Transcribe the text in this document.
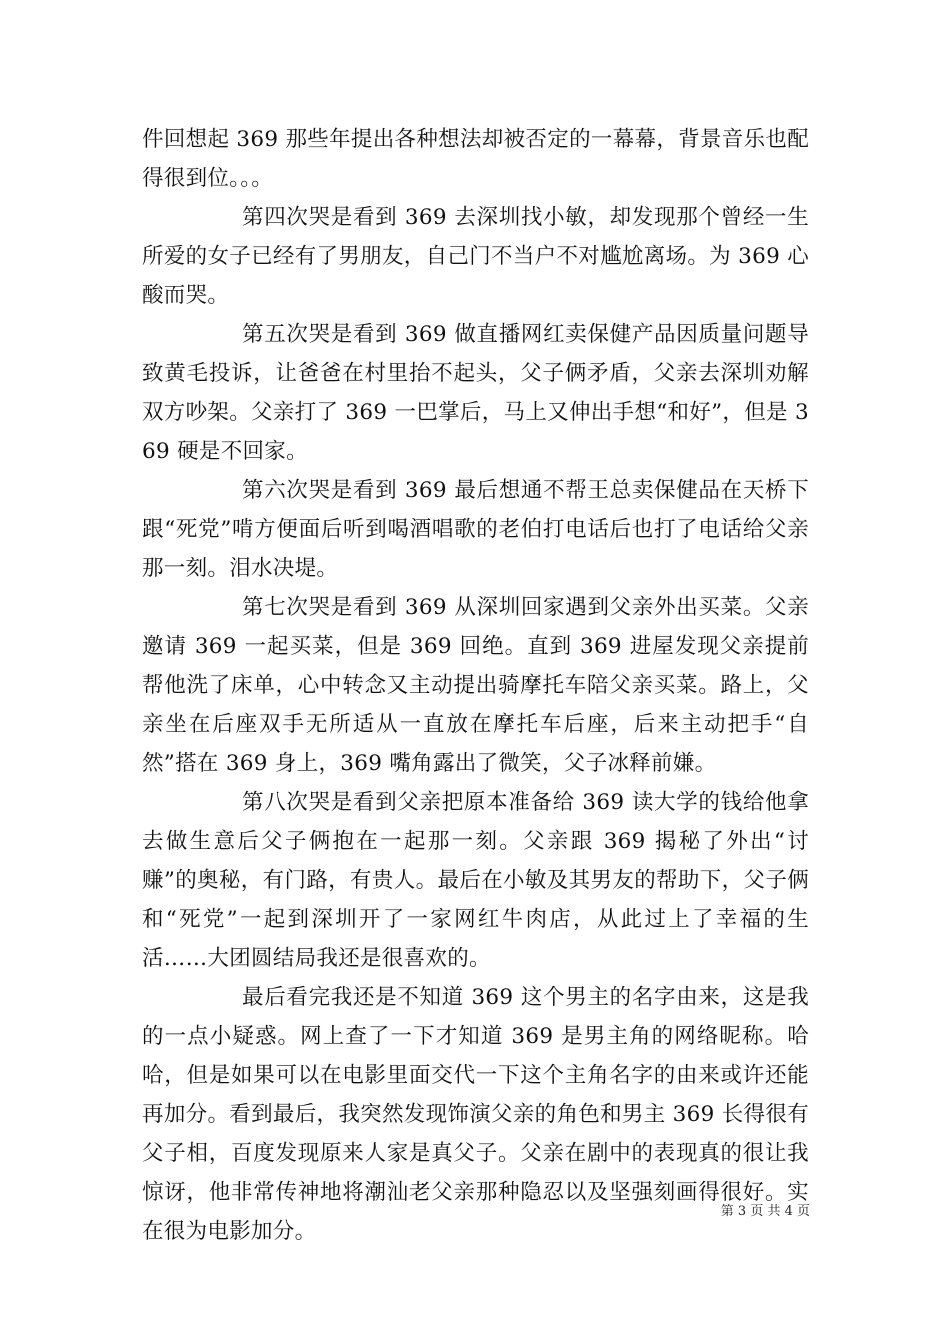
件回想起 369 那些年提出各种想法却被否定的一幕幕，背景音乐也配得很到位。。。

第四次哭是看到 369 去深圳找小敏，却发现那个曾经一生所爱的女子已经有了男朋友，自己门不当户不对尴尬离场。为 369 心酸而哭。

第五次哭是看到 369 做直播网红卖保健产品因质量问题导致黄毛投诉，让爸爸在村里抬不起头，父子俩矛盾，父亲去深圳劝解双方吵架。父亲打了 369 一巴掌后，马上又伸出手想“和好”，但是 369 硬是不回家。

第六次哭是看到 369 最后想通不帮王总卖保健品在天桥下跟“死党”啃方便面后听到喝酒唱歌的老伯打电话后也打了电话给父亲那一刻。泪水决堤。

第七次哭是看到 369 从深圳回家遇到父亲外出买菜。父亲邀请 369 一起买菜，但是 369 回绝。直到 369 进屋发现父亲提前帮他洗了床单，心中转念又主动提出骑摩托车陪父亲买菜。路上，父亲坐在后座双手无所适从一直放在摩托车后座，后来主动把手“自然”搭在 369 身上，369 嘴角露出了微笑，父子冰释前嫌。

第八次哭是看到父亲把原本准备给 369 读大学的钱给他拿去做生意后父子俩抱在一起那一刻。父亲跟 369 揭秘了外出“讨赚”的奥秘，有门路，有贵人。最后在小敏及其男友的帮助下，父子俩和“死党”一起到深圳开了一家网红牛肉店，从此过上了幸福的生活……大团圆结局我还是很喜欢的。

最后看完我还是不知道 369 这个男主的名字由来，这是我的一点小疑惑。网上查了一下才知道 369 是男主角的网络昵称。哈哈，但是如果可以在电影里面交代一下这个主角名字的由来或许还能再加分。看到最后，我突然发现饰演父亲的角色和男主 369 长得很有父子相，百度发现原来人家是真父子。父亲在剧中的表现真的很让我惊讶，他非常传神地将潮汕老父亲那种隐忍以及坚强刻画得很好。实在很为电影加分。

第 3 页 共 4 页
